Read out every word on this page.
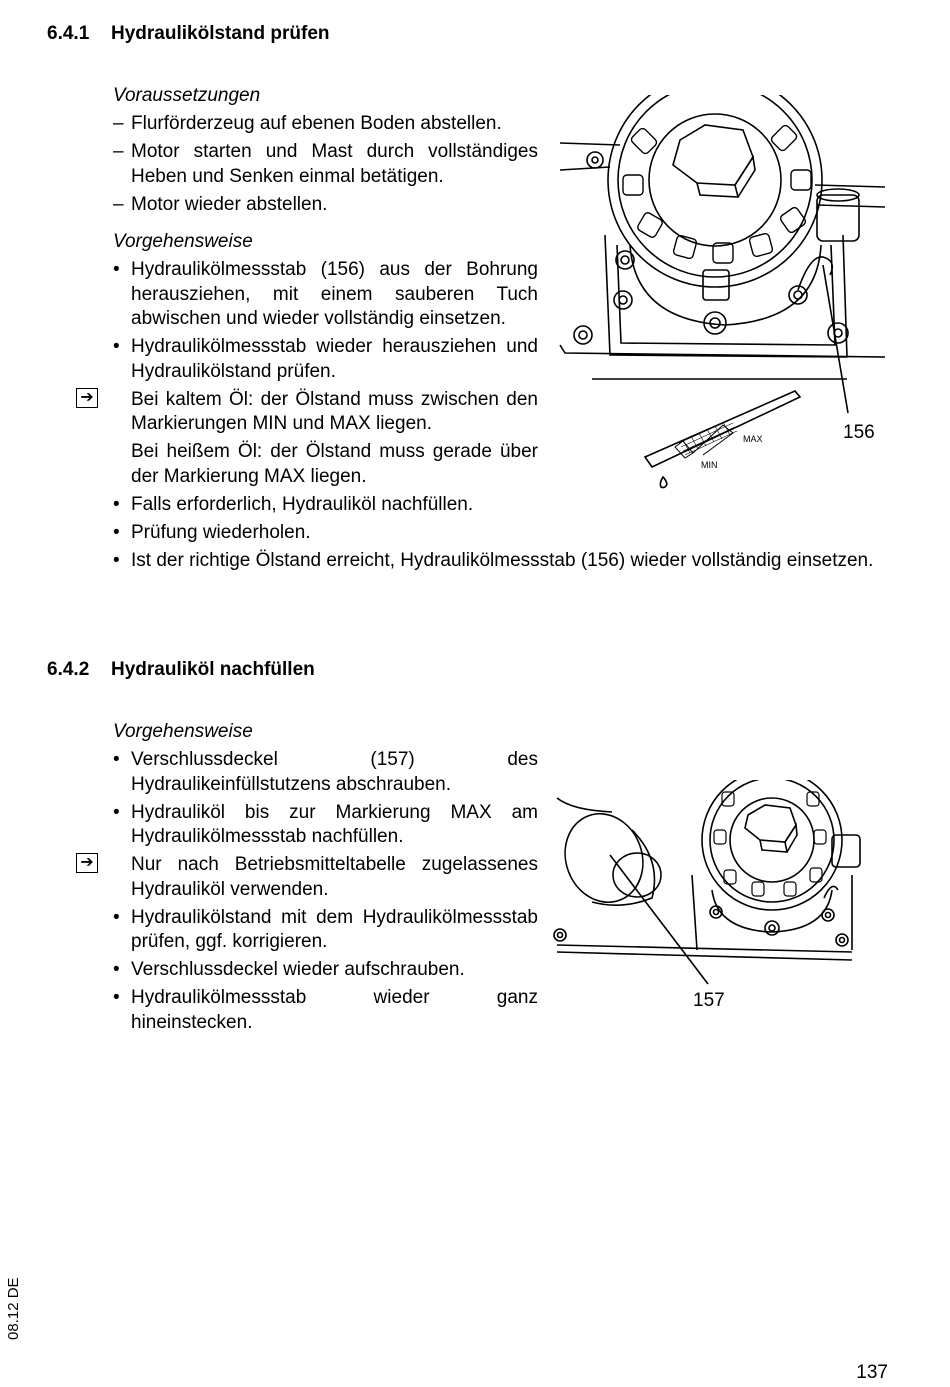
6.4.1 Hydraulikölstand prüfen
Voraussetzungen
– Flurförderzeug auf ebenen Boden abstellen.
– Motor starten und Mast durch vollständiges Heben und Senken einmal betätigen.
– Motor wieder abstellen.
Vorgehensweise
• Hydraulikölmessstab (156) aus der Bohrung herausziehen, mit einem sauberen Tuch abwischen und wieder vollständig einsetzen.
• Hydraulikölmessstab wieder herausziehen und Hydraulikölstand prüfen.
➔ Bei kaltem Öl: der Ölstand muss zwischen den Markierungen MIN und MAX liegen.
Bei heißem Öl: der Ölstand muss gerade über der Markierung MAX liegen.
• Falls erforderlich, Hydrauliköl nachfüllen.
• Prüfung wiederholen.
• Ist der richtige Ölstand erreicht, Hydraulikölmessstab (156) wieder vollständig einsetzen.
MAX
MIN
156
6.4.2 Hydrauliköl nachfüllen
Vorgehensweise
• Verschlussdeckel (157) des Hydraulikeinfüllstutzens abschrauben.
• Hydrauliköl bis zur Markierung MAX am Hydraulikölmessstab nachfüllen.
➔ Nur nach Betriebsmitteltabelle zugelassenes Hydrauliköl verwenden.
• Hydraulikölstand mit dem Hydraulikölmessstab prüfen, ggf. korrigieren.
• Verschlussdeckel wieder aufschrauben.
• Hydraulikölmessstab wieder ganz hineinstecken.
157
08.12 DE
137
